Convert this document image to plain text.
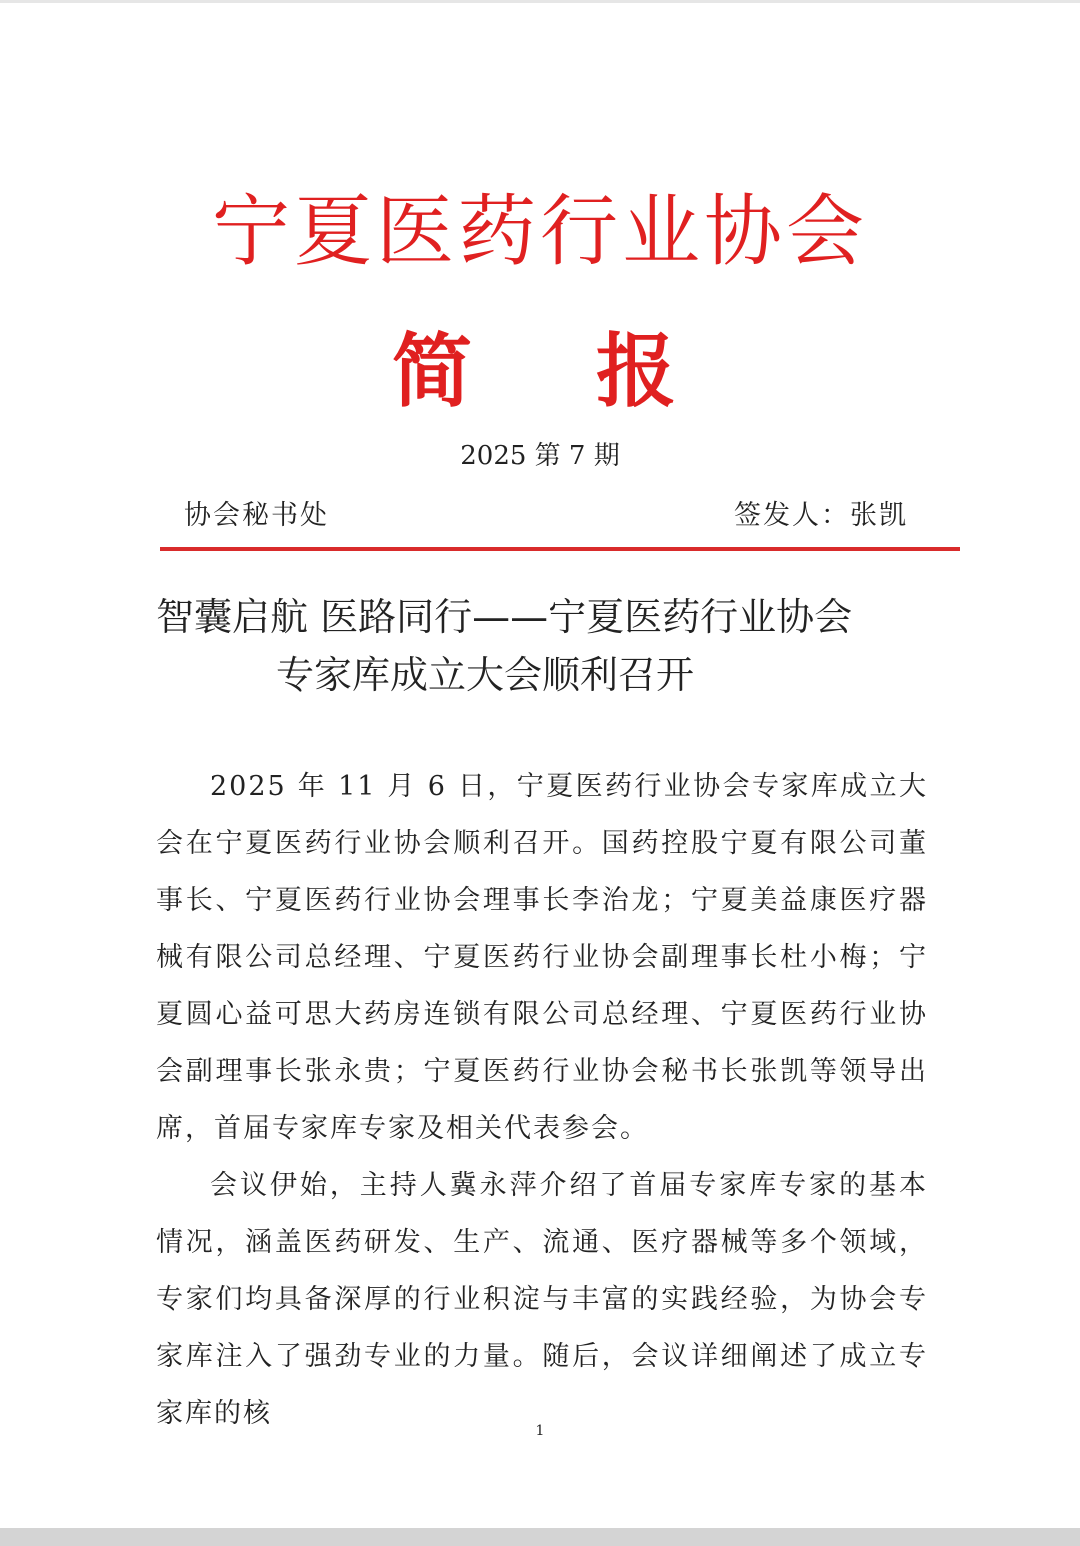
宁夏医药行业协会
简 报
2025 第 7 期
协会秘书处	签发人：张凯
智囊启航 医路同行——宁夏医药行业协会
专家库成立大会顺利召开

2025 年 11 月 6 日，宁夏医药行业协会专家库成立大会在宁夏医药行业协会顺利召开。国药控股宁夏有限公司董事长、宁夏医药行业协会理事长李治龙；宁夏美益康医疗器械有限公司总经理、宁夏医药行业协会副理事长杜小梅；宁夏圆心益可思大药房连锁有限公司总经理、宁夏医药行业协会副理事长张永贵；宁夏医药行业协会秘书长张凯等领导出席，首届专家库专家及相关代表参会。

会议伊始，主持人冀永萍介绍了首届专家库专家的基本情况，涵盖医药研发、生产、流通、医疗器械等多个领域，专家们均具备深厚的行业积淀与丰富的实践经验，为协会专家库注入了强劲专业的力量。随后，会议详细阐述了成立专家库的核

1
